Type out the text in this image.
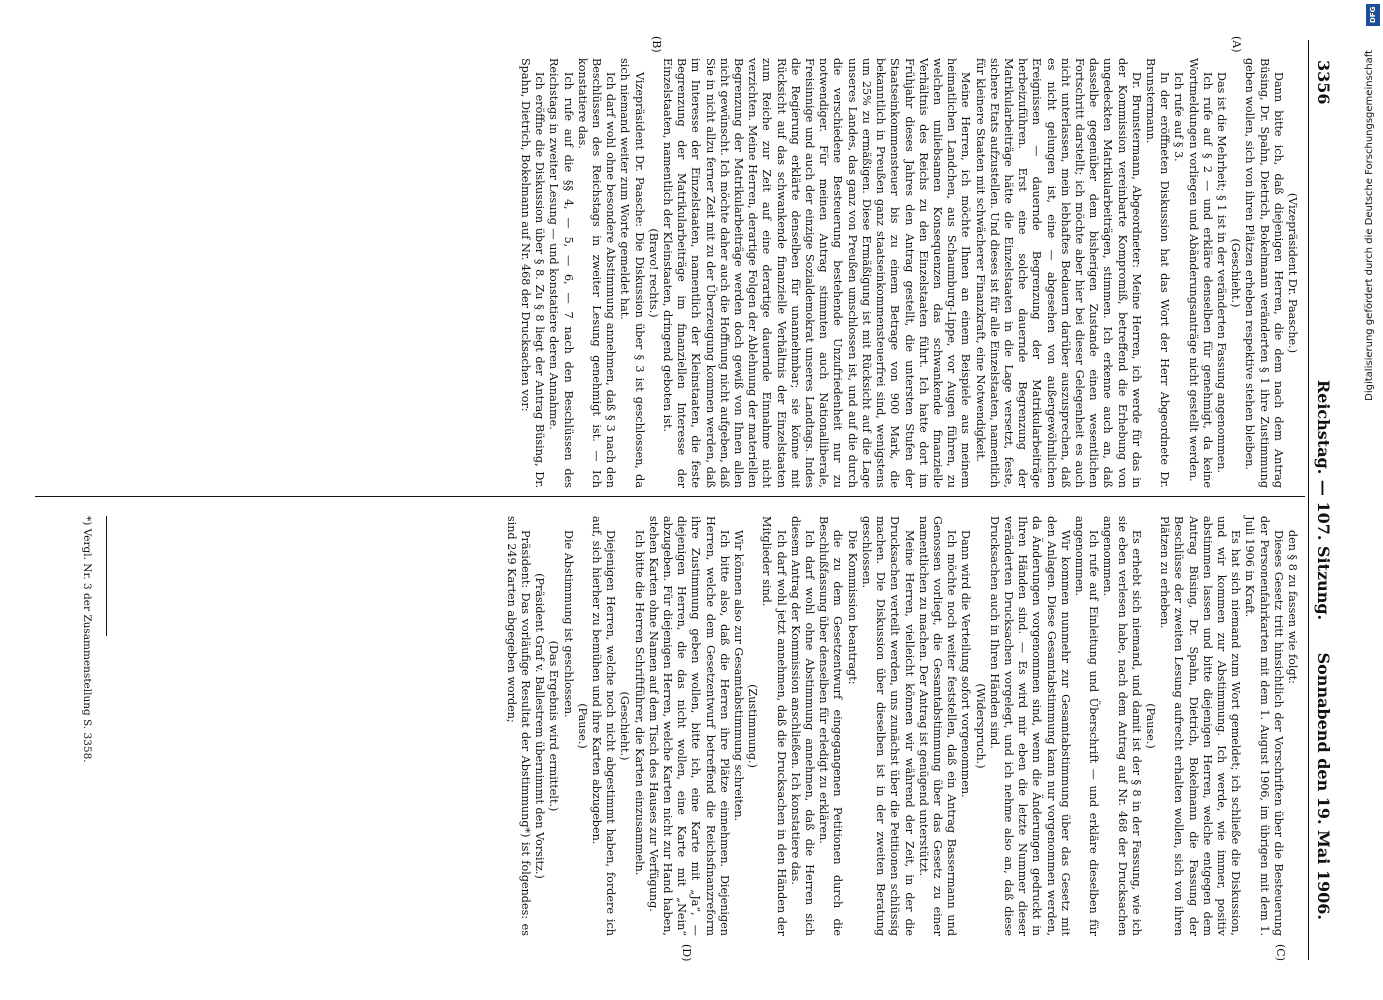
3356
Reichstag. — 107. Sitzung.
Sonnabend den 19. Mai 1906.
(A)
(B)
(C)
(D)

(Vizepräsident Dr. Paasche.)

Dann bitte ich, daß diejenigen Herren, die dem nach dem Antrag Büsing, Dr. Spahn, Dietrich, Bokelmann veränderten § 1 ihre Zustimmung geben wollen, sich von ihren Plätzen erheben respektive stehen bleiben.

(Geschieht.)

Das ist die Mehrheit; § 1 ist in der veränderten Fassung angenommen.

Ich rufe auf § 2 — und erkläre denselben für genehmigt, da keine Wortmeldungen vorliegen und Abänderungsanträge nicht gestellt werden.

Ich rufe auf § 3.

In der eröffneten Diskussion hat das Wort der Herr Abgeordnete Dr. Brunstermann.

Dr. Brunstermann, Abgeordneter: Meine Herren, ich werde für das in der Kommission vereinbarte Kompromiß, betreffend die Erhebung von ungedeckten Matrikularbeiträgen, stimmen. Ich erkenne auch an, daß dasselbe gegenüber dem bisherigen Zustande einen wesentlichen Fortschritt darstellt; ich möchte aber hier bei dieser Gelegenheit es auch nicht unterlassen, mein lebhaftes Bedauern darüber auszusprechen, daß es nicht gelungen ist, eine — abgesehen von außergewöhnlichen Ereignissen — dauernde Begrenzung der Matrikularbeiträge herbeizuführen. Erst eine solche dauernde Begrenzung der Matrikularbeiträge hätte die Einzelstaaten in die Lage versetzt, feste, sichere Etats aufzustellen. Und dieses ist für alle Einzelstaaten, namentlich für kleinere Staaten mit schwächerer Finanzkraft, eine Notwendigkeit.

Meine Herren, ich möchte Ihnen an einem Beispiele aus meinem heimatlichen Landchen, aus Schaumburg-Lippe, vor Augen führen, zu welchen unliebsamen Konsequenzen das schwankende finanzielle Verhältnis des Reichs zu den Einzelstaaten führt. Ich hatte dort im Frühjahr dieses Jahres den Antrag gestellt, die untersten Stufen der Staatseinkommensteuer bis zu einem Betrage von 900 Mark, die bekanntlich in Preußen ganz staatseinkommensteuerfrei sind, wenigstens um 25% zu ermäßigen. Diese Ermäßigung ist mit Rücksicht auf die Lage unseres Landes, das ganz von Preußen umschlossen ist, und auf die durch die verschiedene Besteuerung bestehende Unzufriedenheit nur zu notwendiger. Für meinen Antrag stimmten auch Nationalliberale, Freisinnige und auch der einzige Sozialdemokrat unseres Landtags. Indes die Regierung erklärte denselben für unannehmbar; sie könne mit Rücksicht auf das schwankende finanzielle Verhältnis der Einzelstaaten zum Reiche zur Zeit auf eine derartige dauernde Einnahme nicht verzichten. Meine Herren, derartige Folgen der Ablehnung der materiellen Begrenzung der Matrikularbeiträge werden doch gewiß von Ihnen allen nicht gewünscht. Ich möchte daher auch die Hoffnung nicht aufgeben, daß Sie in nicht allzu ferner Zeit mit zu der Überzeugung kommen werden, daß im Interesse der Einzelstaaten, namentlich der Kleinstaaten, die feste Begrenzung der Matrikularbeiträge im finanziellen Interesse der Einzelstaaten, namentlich der Kleinstaaten, dringend geboten ist.

(Bravo! rechts.)

Vizepräsident Dr. Paasche: Die Diskussion über § 3 ist geschlossen, da sich niemand weiter zum Worte gemeldet hat.

Ich darf wohl ohne besondere Abstimmung annehmen, daß § 3 nach den Beschlüssen des Reichstags in zweiter Lesung genehmigt ist. — Ich konstatiere das.

Ich rufe auf die §§ 4, — 5, — 6, — 7 nach den Beschlüssen des Reichstags in zweiter Lesung — und konstatiere deren Annahme.

Ich eröffne die Diskussion über § 8. Zu § 8 liegt der Antrag Büsing, Dr. Spahn, Dietrich, Bokelmann auf Nr. 468 der Drucksachen vor:

den § 8 zu fassen wie folgt:

Dieses Gesetz tritt hinsichtlich der Vorschriften über die Besteuerung der Personenfahrkarten mit dem 1. August 1906, im übrigen mit dem 1. Juli 1906 in Kraft.

Es hat sich niemand zum Wort gemeldet; ich schließe die Diskussion, und wir kommen zur Abstimmung. Ich werde, wie immer, positiv abstimmen lassen und bitte diejenigen Herren, welche entgegen dem Antrag Büsing, Dr. Spahn, Dietrich, Bokelmann die Fassung der Beschlüsse der zweiten Lesung aufrecht erhalten wollen, sich von ihren Plätzen zu erheben.

(Pause.)

Es erhebt sich niemand, und damit ist der § 8 in der Fassung, wie ich sie eben verlesen habe, nach dem Antrag auf Nr. 468 der Drucksachen angenommen.

Ich rufe auf Einleitung und Überschrift — und erkläre dieselben für angenommen.

Wir kommen nunmehr zur Gesamtabstimmung über das Gesetz mit den Anlagen. Diese Gesamtabstimmung kann nur vorgenommen werden, da Änderungen vorgenommen sind, wenn die Änderungen gedruckt in Ihren Händen sind. — Es wird mir eben die letzte Nummer dieser veränderten Drucksachen vorgelegt, und ich nehme also an, daß diese Drucksachen auch in Ihren Händen sind.

(Widerspruch.)

Dann wird die Verteilung sofort vorgenommen.

Ich möchte noch weiter feststellen, daß ein Antrag Bassermann und Genossen vorliegt, die Gesamtabstimmung über das Gesetz zu einer namentlichen zu machen. Der Antrag ist genügend unterstützt.

Meine Herren, vielleicht können wir während der Zeit, in der die Drucksachen verteilt werden, uns zunächst über die Petitionen schlüssig machen. Die Diskussion über dieselben ist in der zweiten Beratung geschlossen.

Die Kommission beantragt:

die zu dem Gesetzentwurf eingegangenen Petitionen durch die Beschlußfassung über denselben für erledigt zu erklären.

Ich darf wohl ohne Abstimmung annehmen, daß die Herren sich diesem Antrag der Kommission anschließen. Ich konstatiere das.

Ich darf wohl jetzt annehmen, daß die Drucksachen in den Händen der Mitglieder sind.

(Zustimmung.)

Wir können also zur Gesamtabstimmung schreiten.

Ich bitte also, daß die Herren ihre Plätze einnehmen. Diejenigen Herren, welche dem Gesetzentwurf betreffend die Reichsfinanzreform ihre Zustimmung geben wollen, bitte ich, eine Karte mit „Ja“, — diejenigen Herren, die das nicht wollen, eine Karte mit „Nein“ abzugeben. Für diejenigen Herren, welche Karten nicht zur Hand haben, stehen Karten ohne Namen auf dem Tisch des Hauses zur Verfügung.

Ich bitte die Herren Schriftführer, die Karten einzusammeln.

(Geschieht.)

Diejenigen Herren, welche noch nicht abgestimmt haben, fordere ich auf, sich hierher zu bemühen und ihre Karten abzugeben.

(Pause.)

Die Abstimmung ist geschlossen.

(Das Ergebnis wird ermittelt.)

(Präsident Graf v. Ballestrem übernimmt den Vorsitz.)

Präsident: Das vorläufige Resultat der Abstimmung*) ist folgendes: es sind 249 Karten abgegeben worden;

*) Vergl. Nr. 3 der Zusammenstellung S. 3358.
DFG
Digitalisierung gefördert durch die Deutsche Forschungsgemeinschaft
